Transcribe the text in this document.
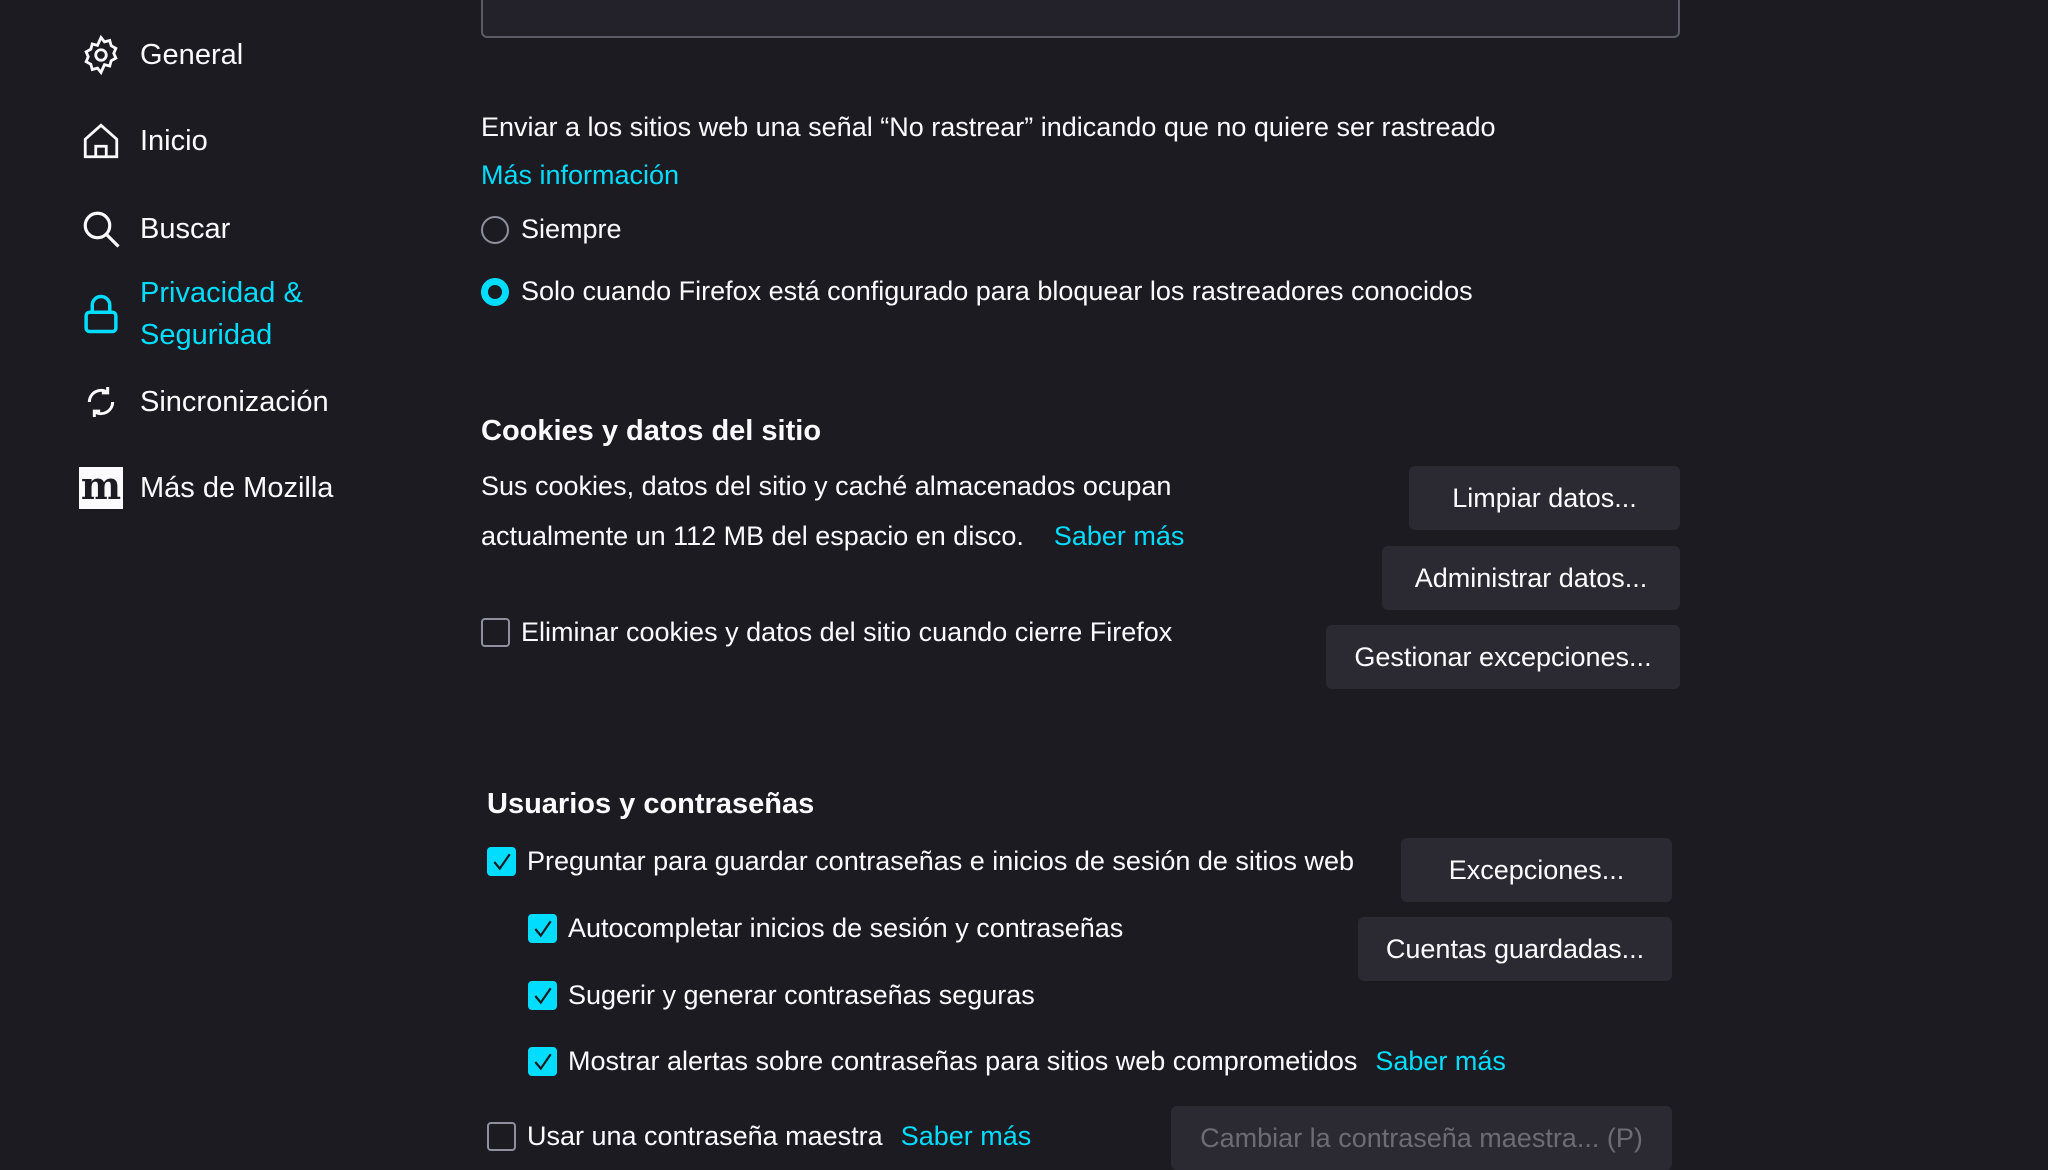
General
Inicio
Buscar
Privacidad &
Seguridad
Sincronización
m Más de Mozilla
Enviar a los sitios web una señal “No rastrear” indicando que no quiere ser rastreado
Más información
Siempre
Solo cuando Firefox está configurado para bloquear los rastreadores conocidos
Cookies y datos del sitio
Sus cookies, datos del sitio y caché almacenados ocupan
actualmente un 112 MB del espacio en disco. Saber más
Eliminar cookies y datos del sitio cuando cierre Firefox
Limpiar datos...
Administrar datos...
Gestionar excepciones...
Usuarios y contraseñas
Preguntar para guardar contraseñas e inicios de sesión de sitios web
Autocompletar inicios de sesión y contraseñas
Sugerir y generar contraseñas seguras
Mostrar alertas sobre contraseñas para sitios web comprometidos Saber más
Usar una contraseña maestra Saber más
Excepciones...
Cuentas guardadas...
Cambiar la contraseña maestra... (P)
